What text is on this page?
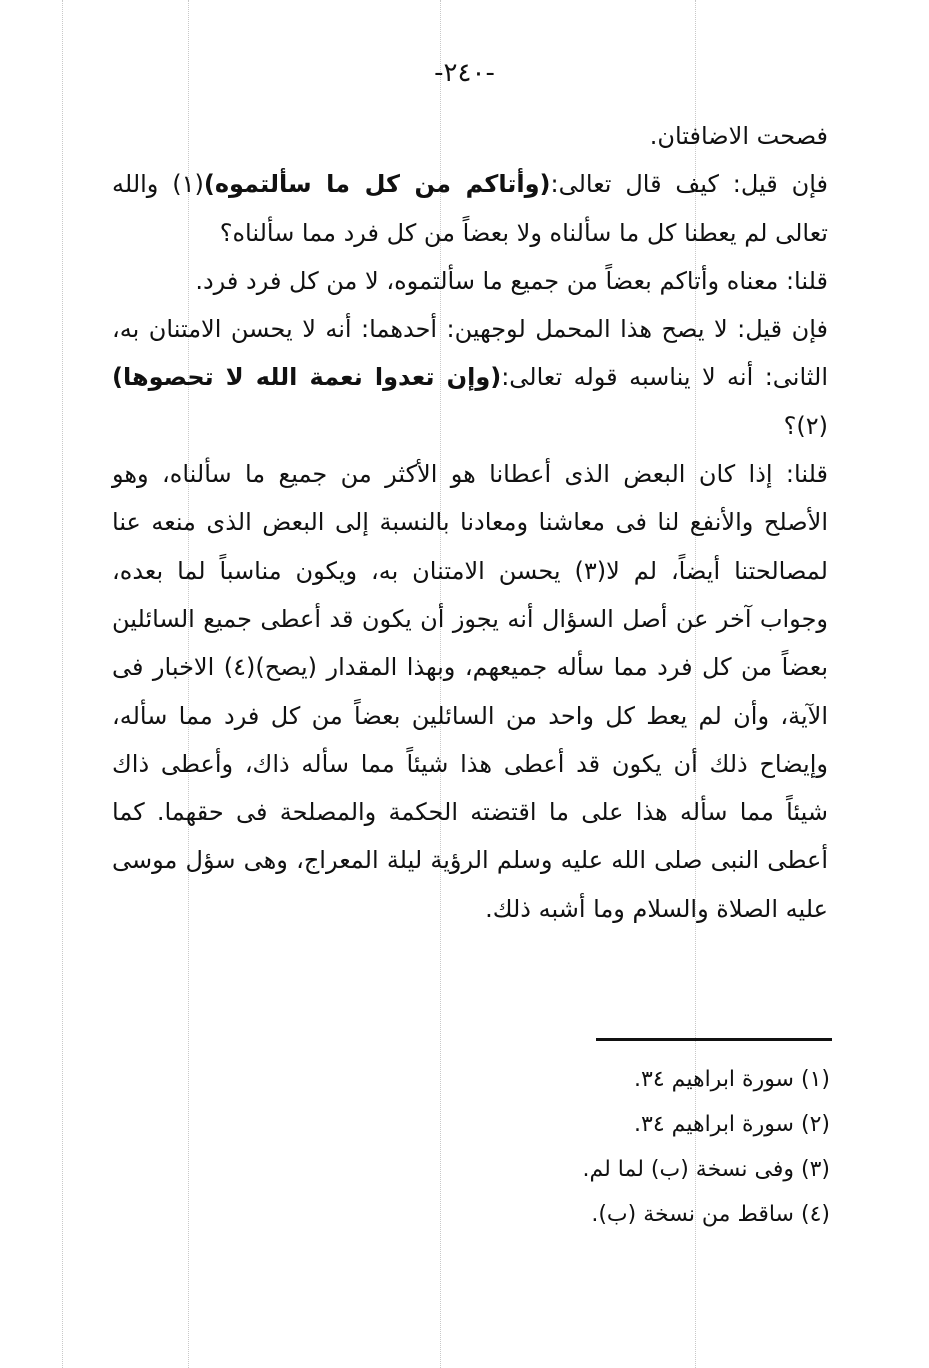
-٢٤٠-

فصحت الاضافتان.

فإن قيل: كيف قال تعالى:(وأتاكم من كل ما سألتموه)(١) والله تعالى لم يعطنا كل ما سألناه ولا بعضاً من كل فرد مما سألناه؟

قلنا: معناه وأتاكم بعضاً من جميع ما سألتموه، لا من كل فرد فرد.

فإن قيل: لا يصح هذا المحمل لوجهين: أحدهما: أنه لا يحسن الامتنان به، الثانى: أنه لا يناسبه قوله تعالى:(وإن تعدوا نعمة الله لا تحصوها)(٢)؟

قلنا: إذا كان البعض الذى أعطانا هو الأكثر من جميع ما سألناه، وهو الأصلح والأنفع لنا فى معاشنا ومعادنا بالنسبة إلى البعض الذى منعه عنا لمصالحتنا أيضاً، لم لا(٣) يحسن الامتنان به، ويكون مناسباً لما بعده، وجواب آخر عن أصل السؤال أنه يجوز أن يكون قد أعطى جميع السائلين بعضاً من كل فرد مما سأله جميعهم، وبهذا المقدار (يصح)(٤) الاخبار فى الآية، وأن لم يعط كل واحد من السائلين بعضاً من كل فرد مما سأله، وإيضاح ذلك أن يكون قد أعطى هذا شيئاً مما سأله ذاك، وأعطى ذاك شيئاً مما سأله هذا على ما اقتضته الحكمة والمصلحة فى حقهما. كما أعطى النبى صلى الله عليه وسلم الرؤية ليلة المعراج، وهى سؤل موسى عليه الصلاة والسلام وما أشبه ذلك.

(١) سورة ابراهيم ٣٤.
(٢) سورة ابراهيم ٣٤.
(٣) وفى نسخة (ب) لما لم.
(٤) ساقط من نسخة (ب).
